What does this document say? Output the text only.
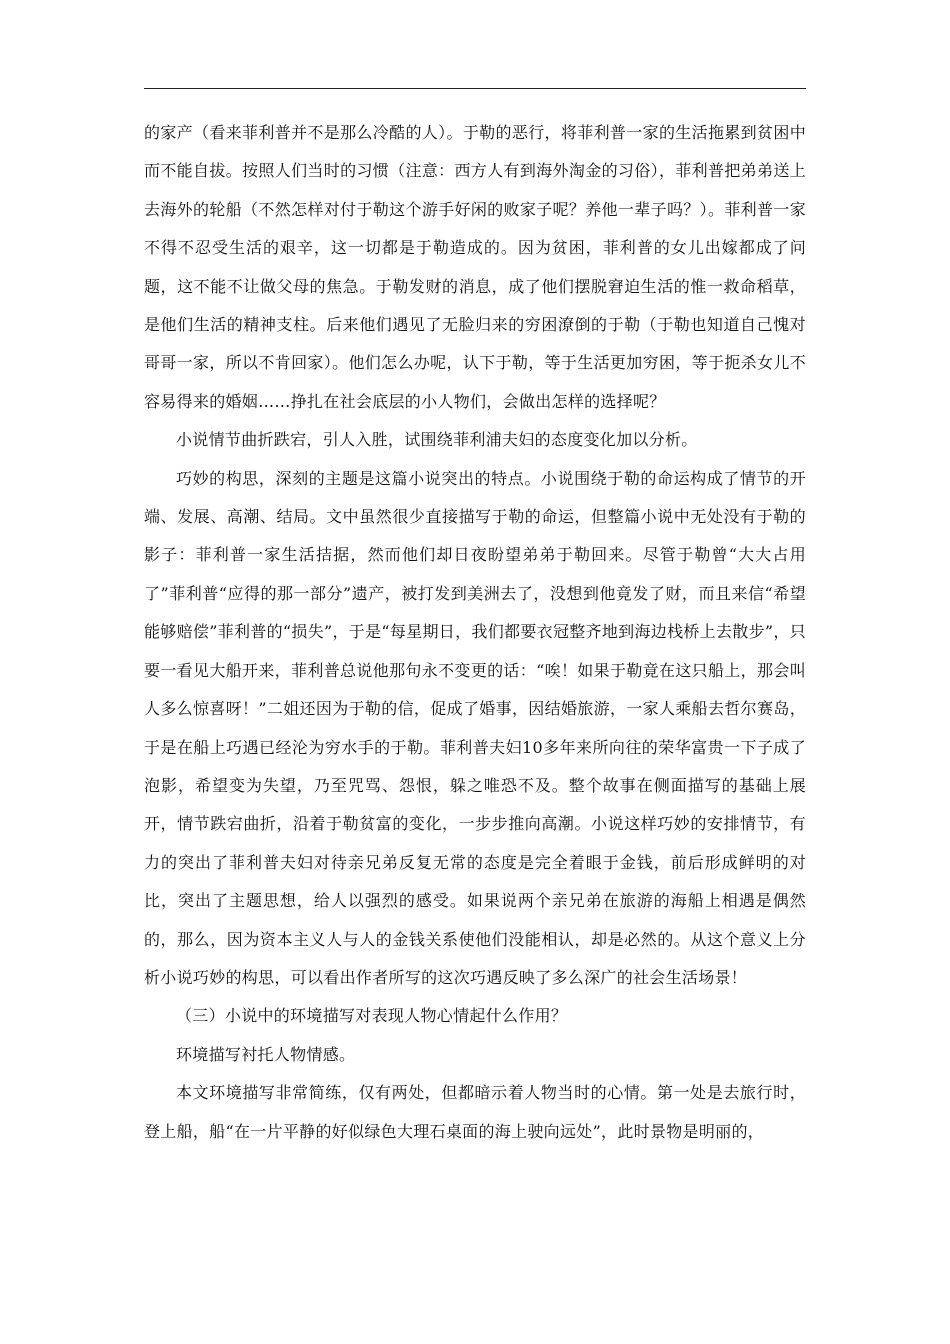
的家产（看来菲利普并不是那么冷酷的人）。于勒的恶行，将菲利普一家的生活拖累到贫困中而不能自拔。按照人们当时的习惯（注意：西方人有到海外淘金的习俗），菲利普把弟弟送上去海外的轮船（不然怎样对付于勒这个游手好闲的败家子呢？养他一辈子吗？）。菲利普一家不得不忍受生活的艰辛，这一切都是于勒造成的。因为贫困，菲利普的女儿出嫁都成了问题，这不能不让做父母的焦急。于勒发财的消息，成了他们摆脱窘迫生活的惟一救命稻草，是他们生活的精神支柱。后来他们遇见了无脸归来的穷困潦倒的于勒（于勒也知道自己愧对哥哥一家，所以不肯回家）。他们怎么办呢，认下于勒，等于生活更加穷困，等于扼杀女儿不容易得来的婚姻……挣扎在社会底层的小人物们，会做出怎样的选择呢？

小说情节曲折跌宕，引人入胜，试围绕菲利浦夫妇的态度变化加以分析。

巧妙的构思，深刻的主题是这篇小说突出的特点。小说围绕于勒的命运构成了情节的开端、发展、高潮、结局。文中虽然很少直接描写于勒的命运，但整篇小说中无处没有于勒的影子：菲利普一家生活拮据，然而他们却日夜盼望弟弟于勒回来。尽管于勒曾“大大占用了”菲利普“应得的那一部分”遗产，被打发到美洲去了，没想到他竟发了财，而且来信“希望能够赔偿”菲利普的“损失”，于是“每星期日，我们都要衣冠整齐地到海边栈桥上去散步”，只要一看见大船开来，菲利普总说他那句永不变更的话：“唉！如果于勒竟在这只船上，那会叫人多么惊喜呀！”二姐还因为于勒的信，促成了婚事，因结婚旅游，一家人乘船去哲尔赛岛，于是在船上巧遇已经沦为穷水手的于勒。菲利普夫妇10多年来所向往的荣华富贵一下子成了泡影，希望变为失望，乃至咒骂、怨恨，躲之唯恐不及。整个故事在侧面描写的基础上展开，情节跌宕曲折，沿着于勒贫富的变化，一步步推向高潮。小说这样巧妙的安排情节，有力的突出了菲利普夫妇对待亲兄弟反复无常的态度是完全着眼于金钱，前后形成鲜明的对比，突出了主题思想，给人以强烈的感受。如果说两个亲兄弟在旅游的海船上相遇是偶然的，那么，因为资本主义人与人的金钱关系使他们没能相认，却是必然的。从这个意义上分析小说巧妙的构思，可以看出作者所写的这次巧遇反映了多么深广的社会生活场景！

（三）小说中的环境描写对表现人物心情起什么作用？

环境描写衬托人物情感。

本文环境描写非常简练，仅有两处，但都暗示着人物当时的心情。第一处是去旅行时，登上船，船“在一片平静的好似绿色大理石桌面的海上驶向远处”，此时景物是明丽的，
